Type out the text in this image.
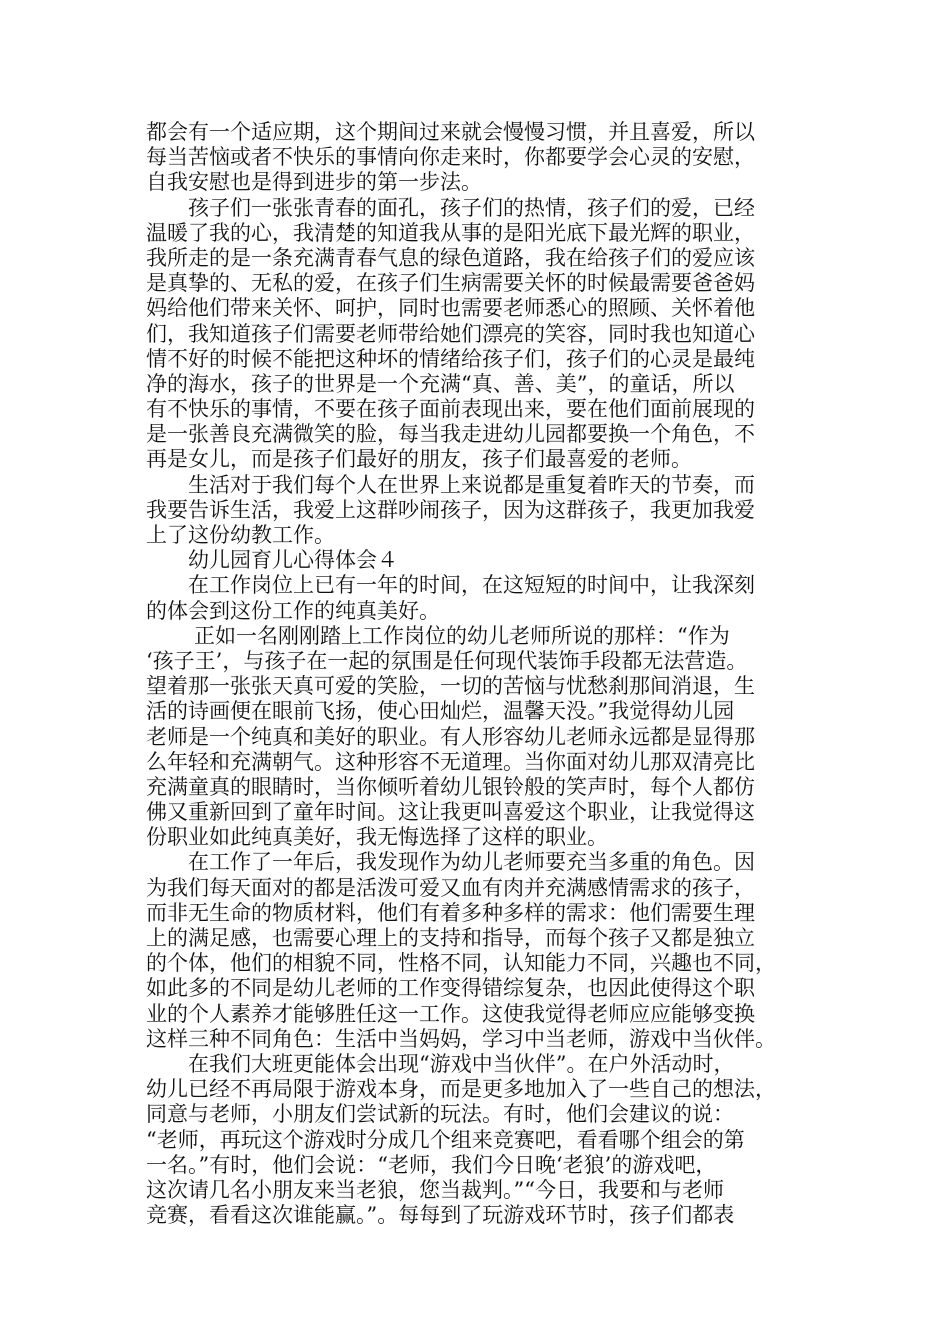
都会有一个适应期，这个期间过来就会慢慢习惯，并且喜爱，所以
每当苦恼或者不快乐的事情向你走来时，你都要学会心灵的安慰，
自我安慰也是得到进步的第一步法。
孩子们一张张青春的面孔，孩子们的热情，孩子们的爱，已经
温暖了我的心，我清楚的知道我从事的是阳光底下最光辉的职业，
我所走的是一条充满青春气息的绿色道路，我在给孩子们的爱应该
是真挚的、无私的爱，在孩子们生病需要关怀的时候最需要爸爸妈
妈给他们带来关怀、呵护，同时也需要老师悉心的照顾、关怀着他
们，我知道孩子们需要老师带给她们漂亮的笑容，同时我也知道心
情不好的时候不能把这种坏的情绪给孩子们，孩子们的心灵是最纯
净的海水，孩子的世界是一个充满“真、善、美”，的童话，所以
有不快乐的事情，不要在孩子面前表现出来，要在他们面前展现的
是一张善良充满微笑的脸，每当我走进幼儿园都要换一个角色，不
再是女儿，而是孩子们最好的朋友，孩子们最喜爱的老师。
生活对于我们每个人在世界上来说都是重复着昨天的节奏，而
我要告诉生活，我爱上这群吵闹孩子，因为这群孩子，我更加我爱
上了这份幼教工作。
幼儿园育儿心得体会４
在工作岗位上已有一年的时间，在这短短的时间中，让我深刻
的体会到这份工作的纯真美好。
正如一名刚刚踏上工作岗位的幼儿老师所说的那样：“作为
‘孩子王’，与孩子在一起的氛围是任何现代装饰手段都无法营造。
望着那一张张天真可爱的笑脸，一切的苦恼与忧愁刹那间消退，生
活的诗画便在眼前飞扬，使心田灿烂，温馨天没。”我觉得幼儿园
老师是一个纯真和美好的职业。有人形容幼儿老师永远都是显得那
么年轻和充满朝气。这种形容不无道理。当你面对幼儿那双清亮比
充满童真的眼睛时，当你倾听着幼儿银铃般的笑声时，每个人都仿
佛又重新回到了童年时间。这让我更叫喜爱这个职业，让我觉得这
份职业如此纯真美好，我无悔选择了这样的职业。
在工作了一年后，我发现作为幼儿老师要充当多重的角色。因
为我们每天面对的都是活泼可爱又血有肉并充满感情需求的孩子，
而非无生命的物质材料，他们有着多种多样的需求：他们需要生理
上的满足感，也需要心理上的支持和指导，而每个孩子又都是独立
的个体，他们的相貌不同，性格不同，认知能力不同，兴趣也不同，
如此多的不同是幼儿老师的工作变得错综复杂，也因此使得这个职
业的个人素养才能够胜任这一工作。这使我觉得老师应应能够变换
这样三种不同角色：生活中当妈妈，学习中当老师，游戏中当伙伴。
在我们大班更能体会出现“游戏中当伙伴”。在户外活动时，
幼儿已经不再局限于游戏本身，而是更多地加入了一些自己的想法，
同意与老师，小朋友们尝试新的玩法。有时，他们会建议的说：
“老师，再玩这个游戏时分成几个组来竞赛吧，看看哪个组会的第
一名。”有时，他们会说：“老师，我们今日晚‘老狼’的游戏吧，
这次请几名小朋友来当老狼，您当裁判。”“今日，我要和与老师
竞赛，看看这次谁能赢。”。每每到了玩游戏环节时，孩子们都表
